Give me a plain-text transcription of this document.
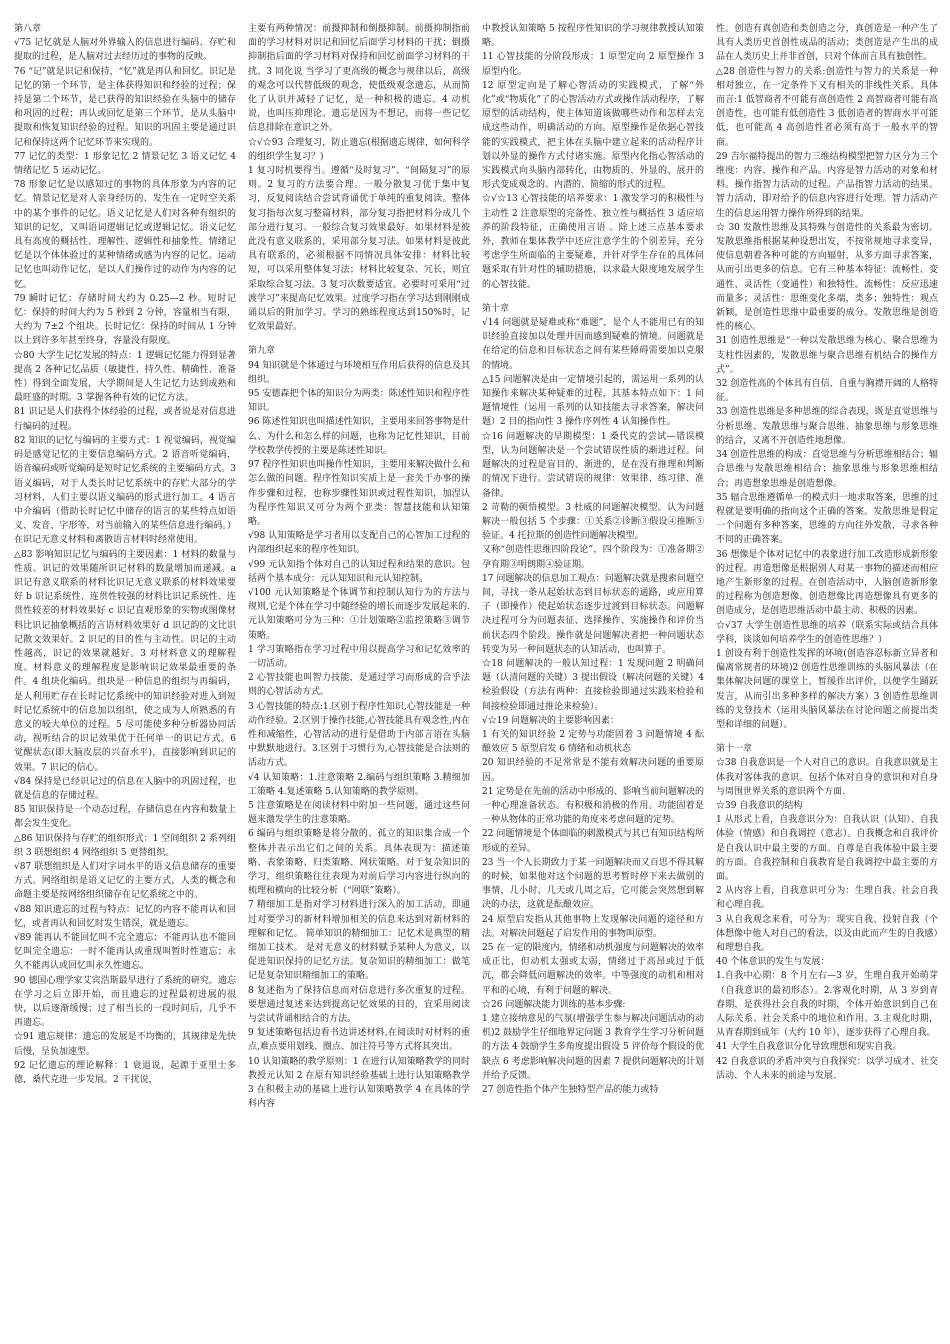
第八章

√75 记忆就是人脑对外界输入的信息进行编码、存贮和提取的过程，是人脑对过去经历过的事物的反映。

76 “记”就是识记和保持，“忆”就是再认和回忆。识记是记忆的第一个环节，是主体获得知识和经验的过程；保持是第二个环节，是已获得的知识经验在头脑中的储存和巩固的过程；再认或回忆是第三个环节，是从头脑中提取和恢复知识经验的过程。知识的巩固主要是通过识记和保持这两个记忆环节来实现的。

77 记忆的类型：1 形象记忆 2 情景记忆 3 语义记忆 4 情绪记忆 5 运动记忆。

78 形象记忆是以感知过的事物的具体形象为内容的记忆。情景记忆是对人亲身经历的、发生在一定时空关系中的某个事件的记忆。语义记忆是人们对各种有组织的知识的记忆，又叫语词逻辑记忆或逻辑记忆。语义记忆具有高度的概括性、理解性、逻辑性和抽象性。情绪记忆是以个体体验过的某种情绪或感为内容的记忆。运动记忆也叫动作记忆，是以人们操作过的动作为内容的记忆。

79 瞬时记忆：存储时间大约为 0.25—2 秒。短时记忆：保持的时间大约为 5 秒到 2 分钟，容量相当有限，大约为 7±2 个组块。长时记忆：保持的时间从 1 分钟以上到许多年甚至终身，容量没有限度。

☆80 大学生记忆发展的特点：1 逻辑记忆能力得到显著提高 2 各种记忆品质（敏捷性、持久性、精确性、准备性）得到全面发展，大学期间是人生记忆力达到成熟和最旺盛的时期。3 掌握各种有效的记忆方法。

81 识记是人们获得个体经验的过程，或者说是对信息进行编码的过程。

82 知识的记忆与编码的主要方式：1 视觉编码，视觉编码是感觉记忆的主要信息编码方式。2 语音听觉编码，语音编码或听觉编码是短时记忆系统的主要编码方式。3 语义编码，对于人类长时记忆系统中的存贮大部分的学习材料，人们主要以语义编码的形式进行加工。4 语言中介编码（借助长时记忆中储存的语言的某些特点如语义、发音、字形等，对当前输入的某些信息进行编码。）在识记无意义材料和离散语言材料时经常使用。

△83 影响知识记忆与编码的主要因素：1 材料的数量与性质。识记的效果随所识记材料的数量增加而递减。a 识记有意义联系的材料比识记无意义联系的材料效果要好 b 识记系统性、连贯性较强的材料比识记系统性、连贯性较差的材料效果好 c 识记直观形象的实物或图像材料比识记抽象概括的言语材料效果好 d 识记韵的文比识记散文效果好。2 识记的目的性与主动性。识记的主动性越高，识记的效果就越好。3 对材料意义的理解程度。材料意义的理解程度是影响识记效果最重要的条件。4 组块化编码。组块是一种信息的组织与再编码，是人利用贮存在长时记忆系统中的知识经验对进入到短时记忆系统中的信息加以组织，使之成为人所熟悉的有意义的较大单位的过程。5 尽可能使多种分析器协同活动，视听结合的识记效果优于任何单一的识记方式。6 觉醒状态(即大脑皮层的兴奋水平)，直接影响到识记的效果。7 识记的信心。

√84 保持是已经识记过的信息在人脑中的巩固过程，也就是信息的存储过程。

85 知识保持是一个动态过程，存储信息在内容和数量上都会发生变化。

△86 知识保持与存贮的组织形式：1 空间组织 2 系列组织 3 联想组织 4 网络组织 5 更替组织。

√87 联想组织是人们对字词水平的语义信息储存的重要方式。网络组织是语义记忆的主要方式，人类的概念和命题主要是按网络组织储存在记忆系统之中的。

√88 知识遗忘的过程与特点：记忆的内容不能再认和回忆，或者再认和回忆时发生错误，就是遗忘。

√89 能再认不能回忆叫不完全遗忘；不能再认也不能回忆叫完全遗忘：一时不能再认或重现叫暂时性遗忘；永久不能再认或回忆叫永久性遗忘。

90 德国心理学家艾宾浩斯最早进行了系统的研究。遗忘在学习之后立即开始，而且遗忘的过程最初进展的很快，以后逐渐缓慢；过了相当长的一段时间后，几乎不再遗忘。

☆91 遗忘规律：遗忘的发展是不均衡的，其规律是先快后慢，呈负加速型。

92 记忆遗忘的理论解释：1 衰退说，起源于亚里士多德，桑代克进一步发展。2 干扰说，

主要有两种情况：前摄抑制和倒摄抑制。前摄抑制指前面的学习材料对识记和回忆后面学习材料的干扰；倒摄抑制指后面的学习材料对保持和回忆前面学习材料的干扰。3 同化说 当学习了更高级的概念与规律以后，高级的观念可以代替低级的观念，使低级观念遗忘，从而简化了认识并减轻了记忆，是一种积极的遗忘。4 动机说，也叫压抑理论。遗忘是因为不想记，而将一些记忆信息排除在意识之外。

☆√☆93 合理复习，防止遗忘(根据遗忘规律，如何科学的组织学生复习？)

1 复习时机要得当。遵循“及时复习”、“间隔复习”的原则。2 复习的方法要合理。一般分散复习优于集中复习，反复阅读结合尝试背诵优于单纯的重复阅读。整体复习指每次复习整篇材料，部分复习指把材料分成几个部分进行复习。一般综合复习效果最好。如果材料是彼此没有意义联系的，采用部分复习法。如果材料是彼此具有联系的，必须根据不同情况具体安排：材料比较短，可以采用整体复习法；材料比较复杂、冗长，则宜采取综合复习法。3 复习次数要适宜。必要时可采用“过渡学习”来提高记忆效果。过度学习指在学习达到刚刚成诵以后的附加学习。学习的熟练程度达到150%时，记忆效果最好。

第九章

94 知识就是个体通过与环境相互作用后获得的信息及其组织。

95 安德森把个体的知识分为两类：陈述性知识和程序性知识。

96 陈述性知识也叫描述性知识，主要用来回答事物是什么、为什么和怎么样的问题，也称为记忆性知识，目前学校教学传授的主要是陈述性知识。

97 程序性知识也叫操作性知识，主要用来解决做什么和怎么做的问题。程序性知识实质上是一套关于办事的操作步骤和过程，也称步骤性知识或过程性知识，加涅认为程序性知识又可分为两个亚类：智慧技能和认知策略。

√98 认知策略是学习者用以支配自己的心智加工过程的内部组织起来的程序性知识。

√99 元认知指个体对自己的认知过程和结果的意识。包括两个基本成分：元认知知识和元认知控制。

√100 元认知策略是个体调节和控制认知行为的方法与规则,它是个体在学习中随经验的增长而逐步发展起来的.元认知策略可分为三种：①计划策略②监控策略③调节策略。

1 学习策略指在学习过程中用以提高学习和记忆效率的一切活动。

2 心智技能也叫智力技能，是通过学习而形成的合乎法则的心智活动方式。

3 心智技能的特点:1.区别于程序性知识,心智技能是一种动作经验。2.区别于操作技能,心智技能具有观念性,内在性和减缩性，心智活动的进行是借助于内部言语在头脑中默默地进行。3.区别于习惯行为,心智技能是合法则的活动方式。

√4 认知策略：1.注意策略 2.编码与组织策略 3.精细加工策略 4.复述策略 5.认知策略的教学原则。

5 注意策略是在阅读材料中附加一些问题，通过这些问题来激发学生的注意策略。

6 编码与组织策略是将分散的、孤立的知识集合成一个整体并表示出它们之间的关系。具体表现为：描述策略、表象策略、归类策略、网状策略。对于复杂知识的学习，组织策略往往表现为对前后学习内容进行纵向的梳理和横向的比较分析（“网联”策略）。

7 精细加工是指对学习材料进行深入的加工活动，即通过对要学习的新材料增加相关的信息来达到对新材料的理解和记忆。 简单知识的精细加工：记忆术是典型的精细加工技术。 是对无意义的材料赋予某种人为意义，以促进知识保持的记忆方法。复杂知识的精细加工：做笔记是复杂知识精细加工的策略。

8 复述指为了保持信息而对信息进行多次重复的过程。要想通过复述来达到提高记忆效果的目的，宜采用阅读与尝试背诵相结合的方法。

9 复述策略包括边看书边讲述材料,在阅读时对材料的重点,难点要用划线、圈点、加注符号等方式将其突出。

10 认知策略的教学原则：1 在进行认知策略教学的同时教授元认知 2 在原有知识经验基础上进行认知策略教学 3 在积极主动的基础上进行认知策略教学 4 在具体的学科内容

中教授认知策略 5 按程序性知识的学习规律教授认知策略。

11 心智技能的分阶段形成：1 原型定向 2 原型操作 3 原型内化。

12 原型定向是了解心智活动的实践模式，了解“外化”或“物质化”了的心智活动方式或操作活动程序，了解原型的活动结构，使主体知道该做哪些动作和怎样去完成这些动作，明确活动的方向。原型操作是依据心智技能的实践模式，把主体在头脑中建立起来的活动程序计划以外显的操作方式付诸实施。原型内化指心智活动的实践模式向头脑内部转化，由物质的、外显的、展开的形式变成观念的、内潜的、简缩的形式的过程。

☆√☆13 心智技能的培养要求：1 激发学习的积极性与主动性 2 注意原型的完备性、独立性与概括性 3 适应培养的阶段特征，正确使用言语 。除上述三点基本要求外，教师在集体教学中还应注意学生的个别差异，充分考虑学生所面临的主要疑难，并针对学生存在的具体问题采取有针对性的辅助措施，以求最大限度地发展学生的心智技能。

第十章

√14 问题就是疑难或称“难题”，是个人不能用已有的知识经验直接加以处理并因而感到疑难的情境。问题就是在给定的信息和目标状态之间有某些障碍需要加以克服的情境。

△15 问题解决是由一定情境引起的，需运用一系列的认知操作来解决某种疑难的过程，其基本特点如下：1 问题情境性（运用一系列的认知技能去寻求答案，解决问题）2 目的指向性 3 操作序列性 4 认知操作性。

☆16 问题解决的早期模型：1 桑代克的尝试—错误模型，认为问题解决是一个尝试错误性质的渐进过程。问题解决的过程是盲目的、渐进的，是在没有推理和判断的情况下进行。尝试错误的规律：效果律、练习律、准备律。

2 苛勒的顿悟模型。3 杜威的问题解决模型。认为问题解决一般包括 5 个步骤：①关系②诊断③假设④推断⑤验证。4 托拉斯的创造性问题解决模型。

又称“创造性思维四阶段论”，四个阶段为：①准备期②孕育期③明朗期④验证期。

17 问题解决的信息加工观点：问题解决就是搜索问题空间，寻找一条从起始状态到目标状态的通路，或应用算子（即操作）使起始状态逐步过渡到目标状态。问题解决过程可分为问题表征、选择操作、实施操作和评价当前状态四个阶段。操作就是问题解决者把一种问题状态转变为另一种问题状态的认知活动，也叫算子。

☆18 问题解决的一般认知过程：1 发现问题 2 明确问题（认清问题的关键）3 提出假设（解决问题的关键）4 检验假设（方法有两种：直接检验即通过实践来检验和间接检验即通过推论来检验）。

√☆19 问题解决的主要影响因素：

1 有关的知识经验 2 定势与功能固着 3 问题情境 4 酝酿效应 5 原型启发 6 情绪和动机状态

20 知识经验的不足常常是不能有效解决问题的重要原因。

21 定势是在先前的活动中形成的、影响当前问题解决的一种心理准备状态。有积极和消极的作用。功能固着是一种从物体的正常功能的角度来考虑问题的定势。

22 问题情境是个体面临的刺激模式与其已有知识结构所形成的差异。

23 当一个人长期致力于某一问题解决而又百思不得其解的时候，如果他对这个问题的思考暂时停下来去做别的事情，几小时、几天或几周之后，它可能会突然想到解决的办法，这就是酝酿效应。

24 原型启发指从其他事物上发现解决问题的途径和方法。对解决问题起了启发作用的事物叫原型。

25 在一定的限度内，情绪和动机强度与问题解决的效率成正比，但动机太强或太弱，情绪过于高昂或过于低沉，都会降低问题解决的效率。中等强度的动机和相对平和的心境，有利于问题的解决。

☆26 问题解决能力训练的基本步骤:

1 建立接纳意见的气氛(增强学生参与解决问题活动的动机)2 鼓励学生仔细地界定问题 3 教育学生学习分析问题的方法 4 鼓励学生多角度提出假设 5 评价每个假设的优缺点 6 考虑影响解决问题的因素 7 提供问题解决的计划并给予反馈。

27 创造性指个体产生独特型产品的能力或特

性。创造有真创造和类创造之分，真创造是一种产生了具有人类历史首创性成品的活动；类创造是产生出的成品在人类历史上并非首创，只对个体而言具有独创性。

△28 创造性与智力的关系:创造性与智力的关系是一种相对独立，在一定条件下又有相关的非线性关系。具体而言:1 低智商者不可能有高创造性 2 高智商者可能有高创造性，也可能有低创造性 3 低创造者的智商水平可能低，也可能高 4 高创造性者必须有高于一般水平的智商。

29 吉尔福特提出的智力三维结构模型把智力区分为三个维度：内容、操作和产品。内容是智力活动的对象和材料。操作指智力活动的过程。产品指智力活动的结果。智力活动，即对给予的信息内容进行处理。智力活动产生的信息运用智力操作所得到的结果。

☆ 30 发散性思维及其特殊与创造性的关系最为密切。发散思维指根据某种设想出发，不按常规地寻求变异，使信息朝着各种可能的方向辐射，从多方面寻求答案，从而引出更多的信息。它有三种基本特征：流畅性、变通性、灵活性（变通性）和独特性。流畅性：反应迅速而量多；灵活性：思维变化多端，类多；独特性：观点新颖，是创造性思维中最重要的成分。发散思维是创造性的核心。

31 创造性思维是“一种以发散思维为核心、聚合思维为支柱性因素的，发散思维与聚合思维有机结合的操作方式”。

32 创造性高的个体具有自信、自重与胸襟开阔的人格特征。

33 创造性思维是多种思维的综合表现，既是直觉思维与分析思维、发散思维与聚合思维、抽象思维与形象思维的结合，又离不开创造性地想像。

34 创造性思维的构成：直觉思维与分析思维相结合；辐合思维与发散思维相结合；抽象思维与形象思维相结合；再造想象思维是创造想像。

35 辐合思维遵循单一的模式归一地求取答案，思维的过程就是要明确的指向这个正确的答案。发散思维是假定一个问题有多种答案，思维的方向往外发散，寻求各种不同的正确答案。

36 想像是个体对记忆中的表象进行加工改造形成新形象的过程。再造想像是根据别人对某一事物的描述而相应地产生新形象的过程。在创造活动中，人脑创造新形象的过程称为创造想像。创造想像比再造想像具有更多的创造成分，是创造思维活动中最主动、积极的因素。

☆√37 大学生创造性思维的培养（联系实际或结合具体学科，谈谈如何培养学生的创造性思维？）

1 创设有利于创造性发挥的环境(创造容忍标新立异者和偏离常规者的环境)2 创造性思维训练的头脑风暴法（在集体解决问题的课堂上，暂缓作出评价，以便学生踊跃发言，从而引出多种多样的解决方案）3 创造性思维训练的戈登技术（运用头脑风暴法在讨论问题之前提出类型和详细的问题）。

第十一章

☆38 自我意识是一个人对自己的意识。自我意识就是主体我对客体我的意识。包括个体对自身的意识和对自身与周围世界关系的意识两个方面.

☆39 自我意识的结构

1 从形式上看，自我意识分为：自我认识（认知）、自我体验（情感）和自我调控（意志）。自我概念和自我评价是自我认识中最主要的方面。自尊是自我体验中最主要的方面。自我控制和自我教育是自我调控中最主要的方面。

2 从内容上看，自我意识可分为：生理自我、社会自我和心理自我。

3 从自我观念来看，可分为：现实自我、投射自我（个体想像中他人对自己的看法，以及由此而产生的自我感）和理想自我。

40 个体意识的发生与发展：

1.自我中心期：8 个月左右—3 岁，生理自我开始萌芽（自我意识的最初形态）。2.客观化时期，从 3 岁到青春期，是获得社会自我的时期，个体开始意识到自己在人际关系、社会关系中的地位和作用。3.主观化时期，从青春期到成年（大约 10 年），逐步获得了心理自我。

41 大学生自我意识分化导致理想和现实自我。

42 自我意识的矛盾冲突与自我探究：以学习成才、社交活动、个人未来的前途与发展、
